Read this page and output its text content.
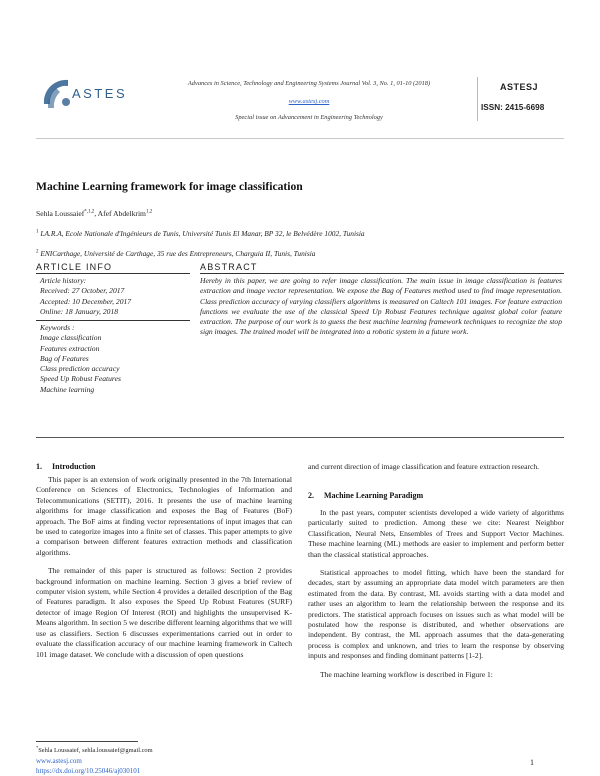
ASTES
Advances in Science, Technology and Engineering Systems Journal Vol. 3, No. 1, 01-10 (2018)
www.astesj.com
Special issue on Advancement in Engineering Technology
ASTESJ
ISSN: 2415-6698
Machine Learning framework for image classification
Sehla Loussaief$^{*,1,2}$, Afef Abdelkrim$^{1,2}$
$^1$ LA.R.A, Ecole Nationale d'Ingénieurs de Tunis, Université Tunis El Manar, BP 32, le Belvédère 1002, Tunisia
$^2$ ENICarthage, Université de Carthage, 35 rue des Entrepreneurs, Charguia II, Tunis, Tunisia
ARTICLE INFO	ABSTRACT
Article history:
Received: 27 October, 2017
Accepted: 10 December, 2017
Online: 18 January, 2018
Keywords :
Image classification
Features extraction
Bag of Features
Class prediction accuracy
Speed Up Robust Features
Machine learning
Hereby in this paper, we are going to refer image classification. The main issue in image classification is features extraction and image vector representation. We expose the Bag of Features method used to find image representation. Class prediction accuracy of varying classifiers algorithms is measured on Caltech 101 images. For feature extraction functions we evaluate the use of the classical Speed Up Robust Features technique against global color feature extraction. The purpose of our work is to guess the best machine learning framework techniques to recognize the stop sign images. The trained model will be integrated into a robotic system in a future work.
1. Introduction

This paper is an extension of work originally presented in the 7th International Conference on Sciences of Electronics, Technologies of Information and Telecommunications (SETIT), 2016. It presents the use of machine learning algorithms for image classification and exposes the Bag of Features (BoF) approach. The BoF aims at finding vector representations of input images that can be used to categorize images into a finite set of classes. This paper attempts to give a comparison between different features extraction methods and classification algorithms.

The remainder of this paper is structured as follows: Section 2 provides background information on machine learning. Section 3 gives a brief review of computer vision system, while Section 4 provides a detailed description of the Bag of Features paradigm. It also exposes the Speed Up Robust Features (SURF) detector of image Region Of Interest (ROI) and highlights the unsupervised K-Means algorithm. In section 5 we describe different learning algorithms that we will use as classifiers. Section 6 discusses experimentations carried out in order to evaluate the classification accuracy of our machine learning framework in Caltech 101 image dataset. We conclude with a discussion of open questions

and current direction of image classification and feature extraction research.
2. Machine Learning Paradigm

In the past years, computer scientists developed a wide variety of algorithms particularly suited to prediction. Among these we cite: Nearest Neighbor Classification, Neural Nets, Ensembles of Trees and Support Vector Machines. These machine learning (ML) methods are easier to implement and perform better than the classical statistical approaches.

Statistical approaches to model fitting, which have been the standard for decades, start by assuming an appropriate data model witch parameters are then estimated from the data. By contrast, ML avoids starting with a data model and rather uses an algorithm to learn the relationship between the response and its predictors. The statistical approach focuses on issues such as what model will be postulated how the response is distributed, and whether observations are independent. By contrast, the ML approach assumes that the data-generating process is complex and unknown, and tries to learn the response by observing inputs and responses and finding dominant patterns [1-2].

The machine learning workflow is described in Figure 1:

*Sehla Loussaief, sehla.loussaief@gmail.com
www.astesj.com
https://dx.doi.org/10.25046/aj030101
1
